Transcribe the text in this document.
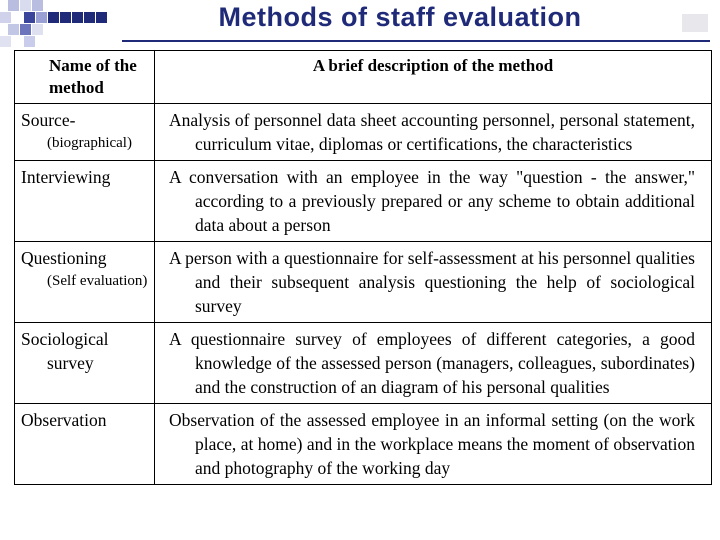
Methods of staff evaluation
Name of the method	A brief description of the method
Source-
(biographical)	Analysis of personnel data sheet accounting personnel, personal statement, curriculum vitae, diplomas or certifications, the characteristics
Interviewing	A conversation with an employee in the way "question - the answer," according to a previously prepared or any scheme to obtain additional data about a person
Questioning
(Self evaluation)	A person with a questionnaire for self-assessment at his personnel qualities and their subsequent analysis questioning the help of sociological survey
Sociological
survey	A questionnaire survey of employees of different categories, a good knowledge of the assessed person (managers, colleagues, subordinates) and the construction of an diagram of his personal qualities
Observation	Observation of the assessed employee in an informal setting (on the work place, at home) and in the workplace means the moment of observation and photography of the working day
